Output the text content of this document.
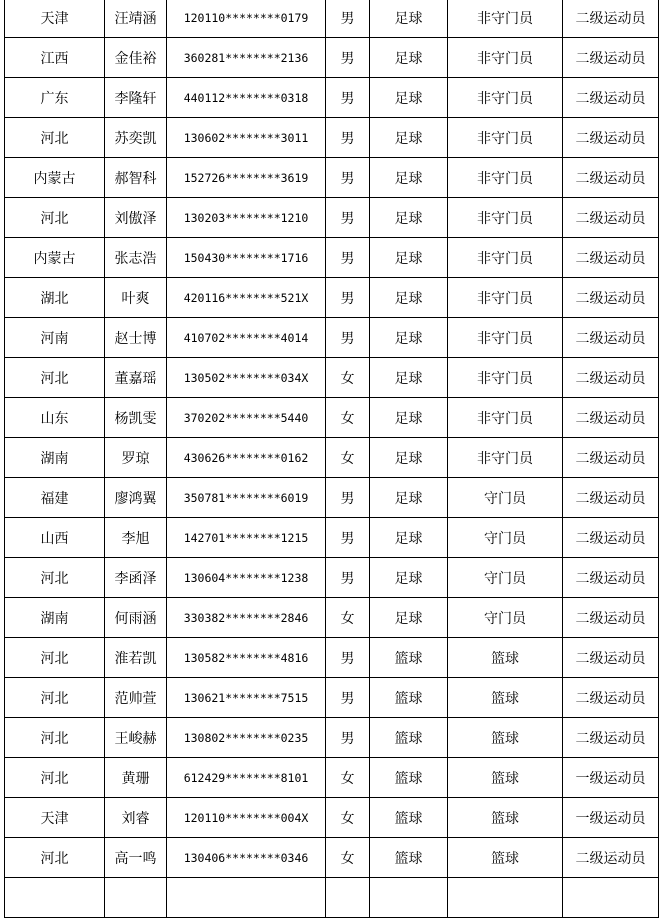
天津	汪靖涵	120110********0179	男	足球	非守门员	二级运动员
江西	金佳裕	360281********2136	男	足球	非守门员	二级运动员
广东	李隆轩	440112********0318	男	足球	非守门员	二级运动员
河北	苏奕凯	130602********3011	男	足球	非守门员	二级运动员
内蒙古	郝智科	152726********3619	男	足球	非守门员	二级运动员
河北	刘傲泽	130203********1210	男	足球	非守门员	二级运动员
内蒙古	张志浩	150430********1716	男	足球	非守门员	二级运动员
湖北	叶爽	420116********521X	男	足球	非守门员	二级运动员
河南	赵士博	410702********4014	男	足球	非守门员	二级运动员
河北	董嘉瑶	130502********034X	女	足球	非守门员	二级运动员
山东	杨凯雯	370202********5440	女	足球	非守门员	二级运动员
湖南	罗琼	430626********0162	女	足球	非守门员	二级运动员
福建	廖鸿翼	350781********6019	男	足球	守门员	二级运动员
山西	李旭	142701********1215	男	足球	守门员	二级运动员
河北	李函泽	130604********1238	男	足球	守门员	二级运动员
湖南	何雨涵	330382********2846	女	足球	守门员	二级运动员
河北	淮若凯	130582********4816	男	篮球	篮球	二级运动员
河北	范帅萱	130621********7515	男	篮球	篮球	二级运动员
河北	王峻赫	130802********0235	男	篮球	篮球	二级运动员
河北	黄珊	612429********8101	女	篮球	篮球	一级运动员
天津	刘睿	120110********004X	女	篮球	篮球	一级运动员
河北	高一鸣	130406********0346	女	篮球	篮球	二级运动员
